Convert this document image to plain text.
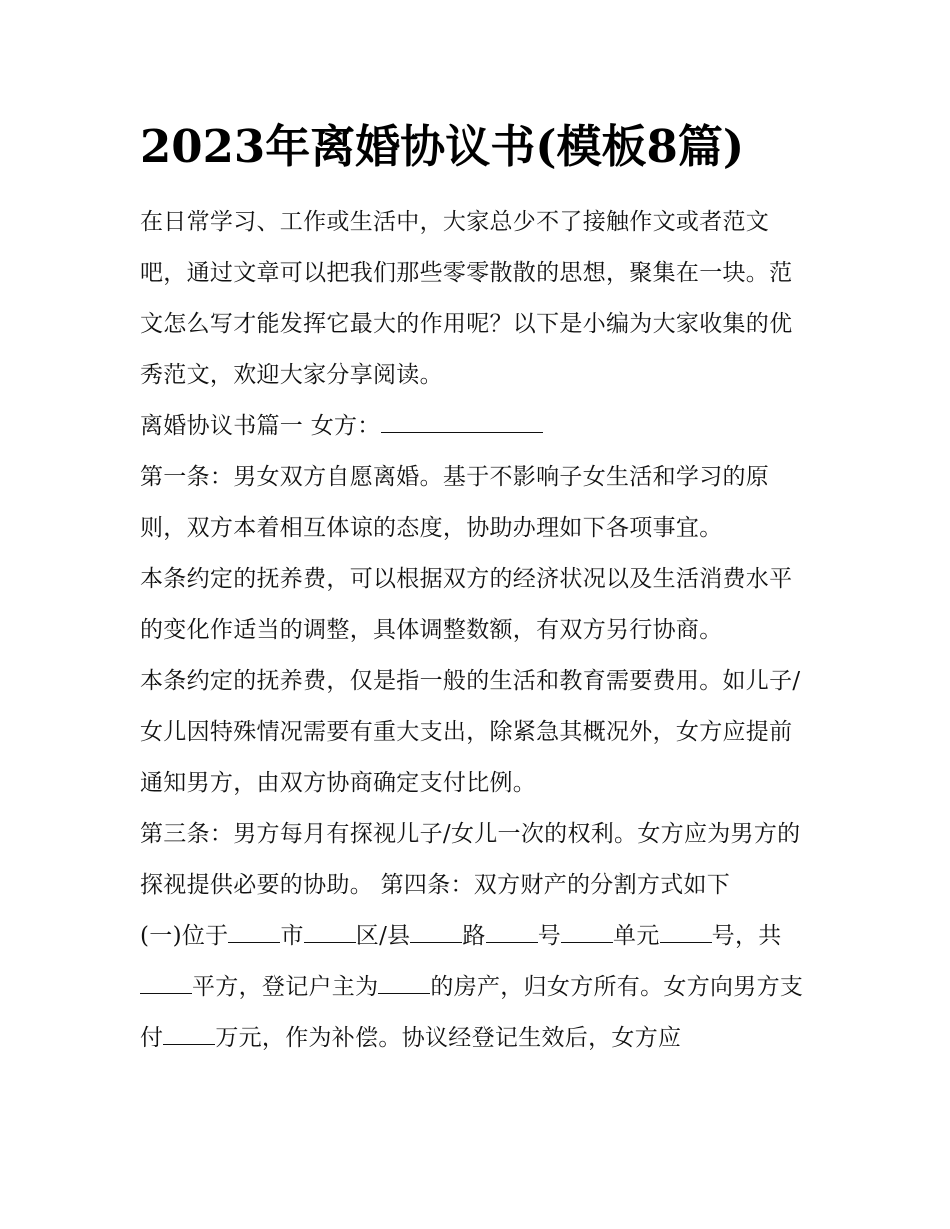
2023年离婚协议书(模板8篇)

在日常学习、工作或生活中，大家总少不了接触作文或者范文吧，通过文章可以把我们那些零零散散的思想，聚集在一块。范文怎么写才能发挥它最大的作用呢？以下是小编为大家收集的优秀范文，欢迎大家分享阅读。

离婚协议书篇一 女方：

第一条：男女双方自愿离婚。基于不影响子女生活和学习的原则，双方本着相互体谅的态度，协助办理如下各项事宜。

本条约定的抚养费，可以根据双方的经济状况以及生活消费水平的变化作适当的调整，具体调整数额，有双方另行协商。

本条约定的抚养费，仅是指一般的生活和教育需要费用。如儿子/女儿因特殊情况需要有重大支出，除紧急其概况外，女方应提前通知男方，由双方协商确定支付比例。

第三条：男方每月有探视儿子/女儿一次的权利。女方应为男方的探视提供必要的协助。 第四条：双方财产的分割方式如下

(一)位于 市 区/县 路 号 单元 号，共平方，登记户主为 的房产，归女方所有。女方向男方支付 万元，作为补偿。协议经登记生效后，女方应
